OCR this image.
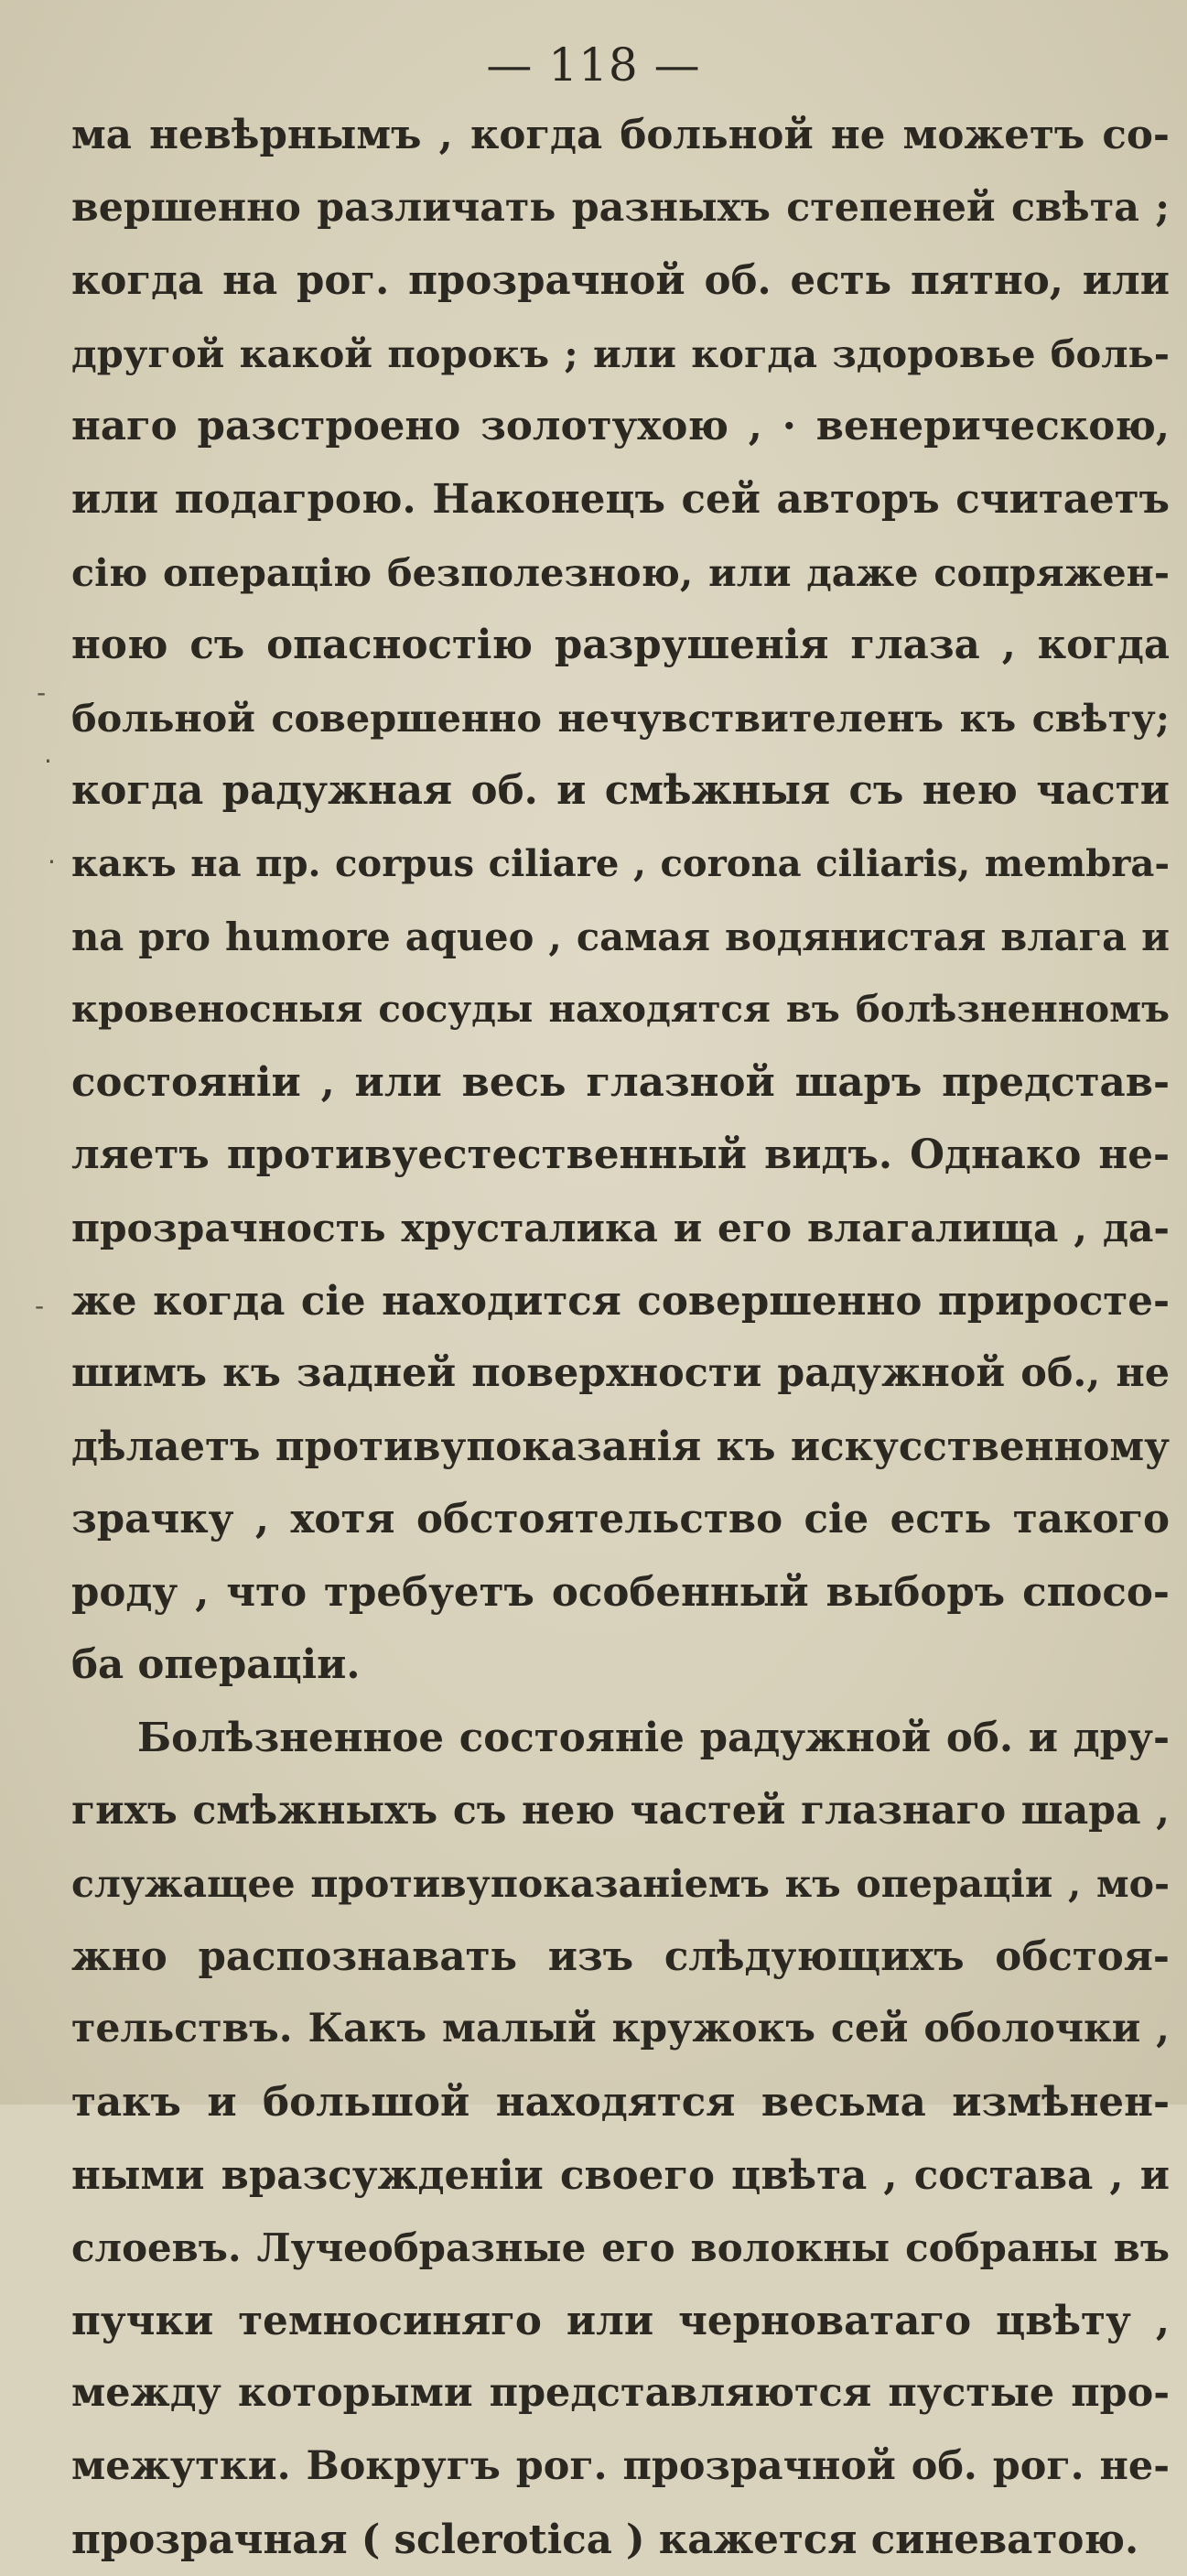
— 118 —
-
·
·
-
ма невѣрнымъ , когда больной не можетъ со-
вершенно различать разныхъ степеней свѣта ;
когда на рог. прозрачной об. есть пятно, или
другой какой порокъ ; или когда здоровье боль-
наго разстроено золотухою , · венерическою,
или подагрою. Наконецъ сей авторъ считаетъ
сію операцію безполезною, или даже сопряжен-
ною съ опасностію разрушенія глаза , когда
больной совершенно нечувствителенъ къ свѣту;
когда радужная об. и смѣжныя съ нею части
какъ на пр. corpus ciliare , corona ciliaris, membra-
na pro humore aqueo , самая водянистая влага и
кровеносныя сосуды находятся въ болѣзненномъ
состояніи , или весь глазной шаръ представ-
ляетъ противуестественный видъ. Однако не-
прозрачность хрусталика и его влагалища , да-
же когда сіе находится совершенно приросте-
шимъ къ задней поверхности радужной об., не
дѣлаетъ противупоказанія къ искусственному
зрачку , хотя обстоятельство сіе есть такого
роду , что требуетъ особенный выборъ спосо-
ба операціи.
Болѣзненное состояніе радужной об. и дру-
гихъ смѣжныхъ съ нею частей глазнаго шара ,
служащее противупоказаніемъ къ операціи , мо-
жно распознавать изъ слѣдующихъ обстоя-
тельствъ. Какъ малый кружокъ сей оболочки ,
такъ и большой находятся весьма измѣнен-
ными вразсужденіи своего цвѣта , состава , и
слоевъ. Лучеобразные его волокны собраны въ
пучки темносиняго или черноватаго цвѣту ,
между которыми представляются пустые про-
межутки. Вокругъ рог. прозрачной об. рог. не-
прозрачная ( sclerotica ) кажется синеватою.
